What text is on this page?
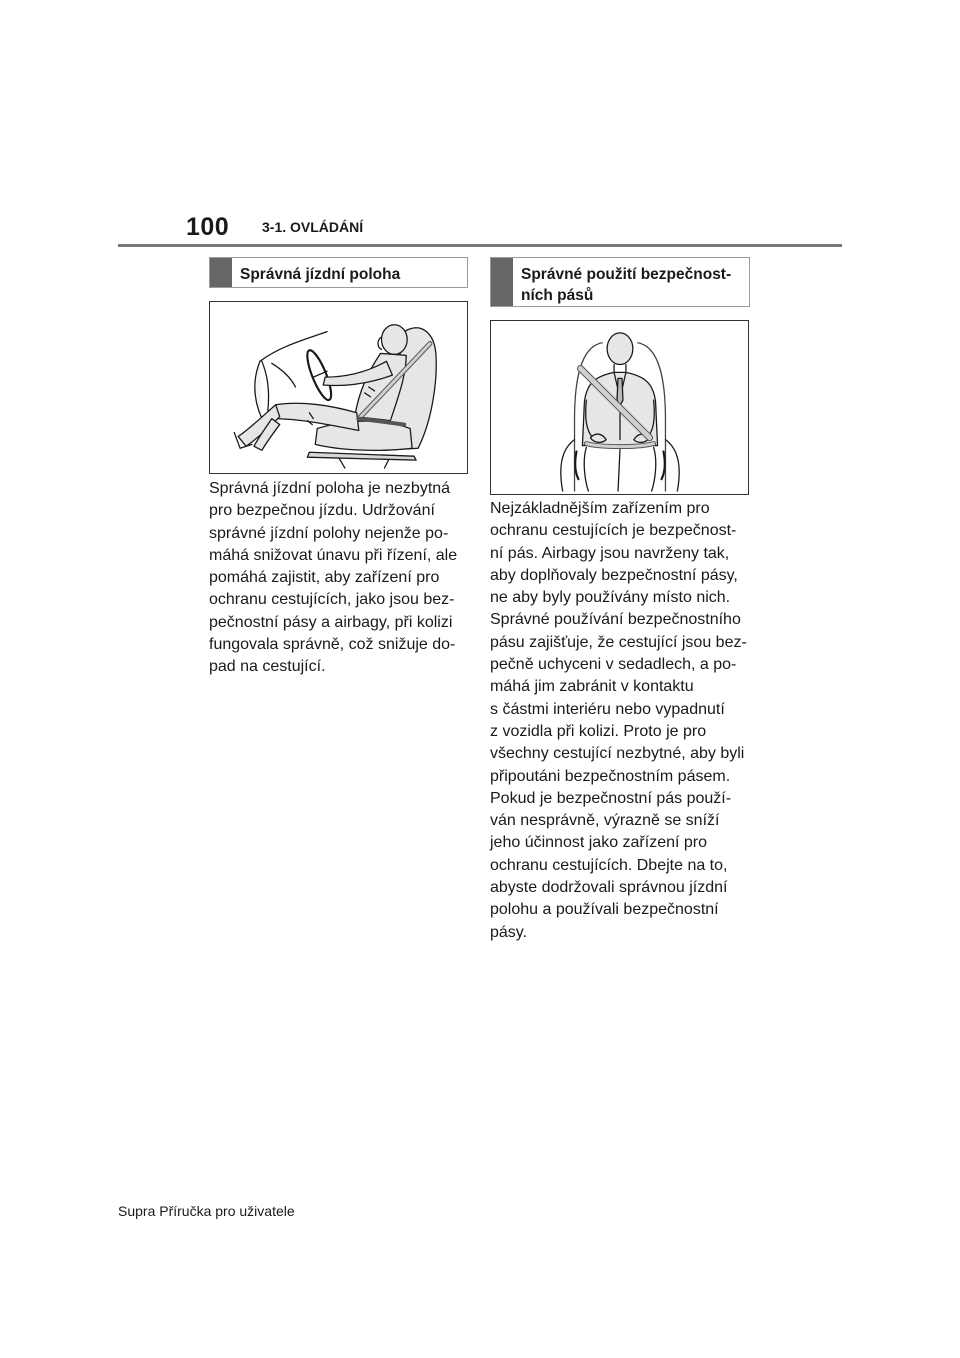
100 3-1. OVLÁDÁNÍ
Správná jízdní poloha

Správná jízdní poloha je nezbytná
pro bezpečnou jízdu. Udržování
správné jízdní polohy nejenže po-
máhá snižovat únavu při řízení, ale
pomáhá zajistit, aby zařízení pro
ochranu cestujících, jako jsou bez-
pečnostní pásy a airbagy, při kolizi
fungovala správně, což snižuje do-
pad na cestující.

Správné použití bezpečnost-
ních pásů

Nejzákladnějším zařízením pro
ochranu cestujících je bezpečnost-
ní pás. Airbagy jsou navrženy tak,
aby doplňovaly bezpečnostní pásy,
ne aby byly používány místo nich.
Správné používání bezpečnostního
pásu zajišťuje, že cestující jsou bez-
pečně uchyceni v sedadlech, a po-
máhá jim zabránit v kontaktu
s částmi interiéru nebo vypadnutí
z vozidla při kolizi. Proto je pro
všechny cestující nezbytné, aby byli
připoutáni bezpečnostním pásem.
Pokud je bezpečnostní pás použí-
ván nesprávně, výrazně se sníží
jeho účinnost jako zařízení pro
ochranu cestujících. Dbejte na to,
abyste dodržovali správnou jízdní
polohu a používali bezpečnostní
pásy.

Supra Příručka pro uživatele
